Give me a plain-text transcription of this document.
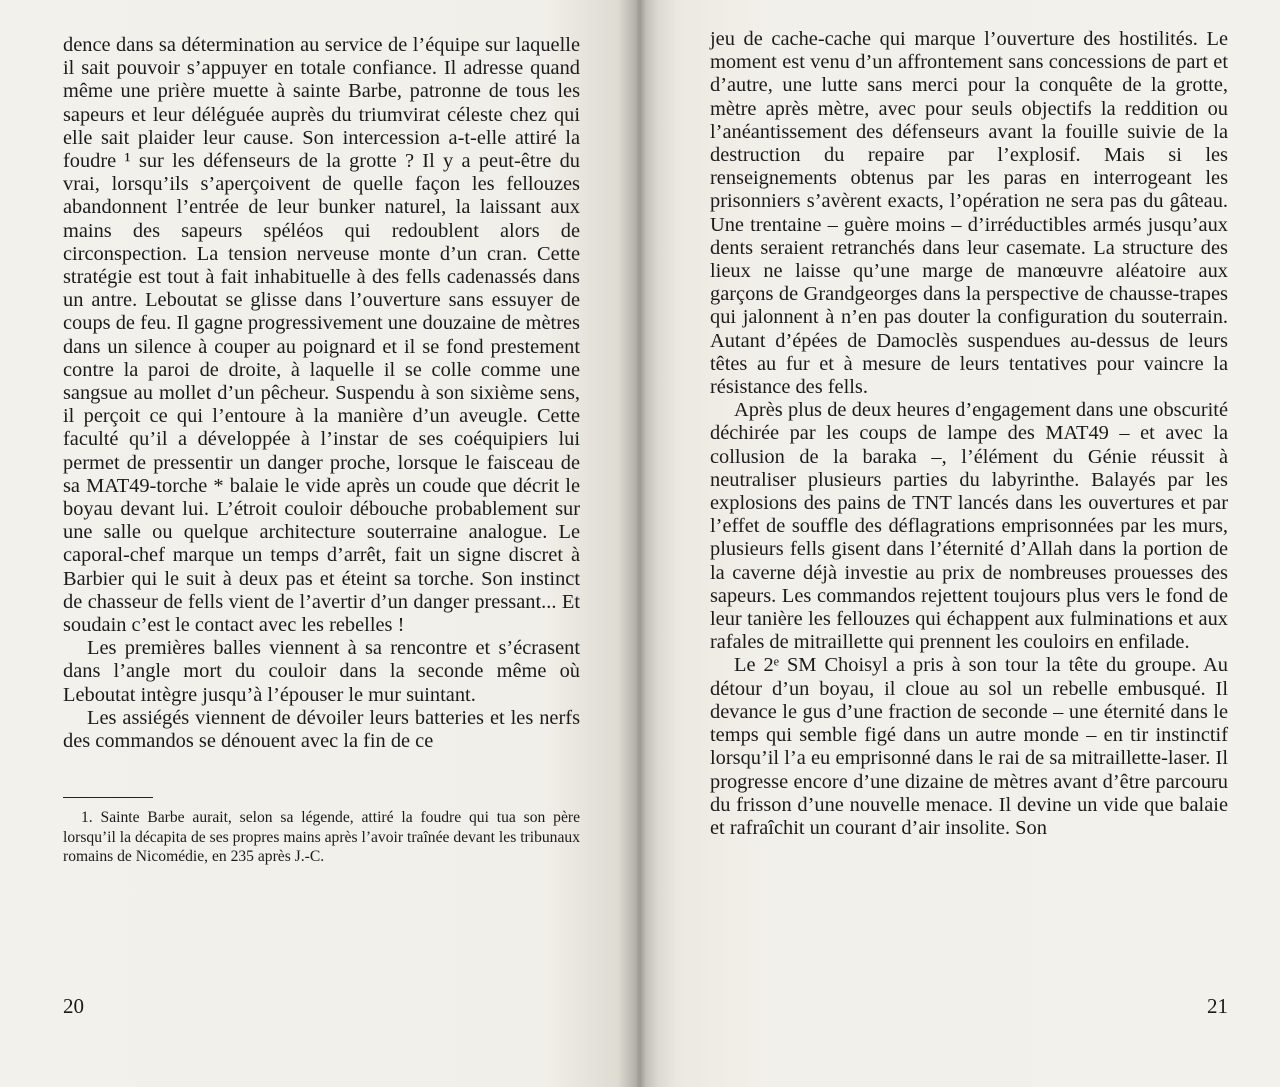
dence dans sa détermination au service de l’équipe sur laquelle il sait pouvoir s’appuyer en totale confiance. Il adresse quand même une prière muette à sainte Barbe, patronne de tous les sapeurs et leur déléguée auprès du triumvirat céleste chez qui elle sait plaider leur cause. Son intercession a-t-elle attiré la foudre ¹ sur les défenseurs de la grotte ? Il y a peut-être du vrai, lorsqu’ils s’aperçoivent de quelle façon les fellouzes abandonnent l’entrée de leur bunker naturel, la laissant aux mains des sapeurs spéléos qui redoublent alors de circonspection. La tension nerveuse monte d’un cran. Cette stratégie est tout à fait inhabituelle à des fells cadenassés dans un antre. Leboutat se glisse dans l’ouverture sans essuyer de coups de feu. Il gagne progressivement une douzaine de mètres dans un silence à couper au poignard et il se fond prestement contre la paroi de droite, à laquelle il se colle comme une sangsue au mollet d’un pêcheur. Suspendu à son sixième sens, il perçoit ce qui l’entoure à la manière d’un aveugle. Cette faculté qu’il a développée à l’instar de ses coéquipiers lui permet de pressentir un danger proche, lorsque le faisceau de sa MAT49-torche * balaie le vide après un coude que décrit le boyau devant lui. L’étroit couloir débouche probablement sur une salle ou quelque architecture souterraine analogue. Le caporal-chef marque un temps d’arrêt, fait un signe discret à Barbier qui le suit à deux pas et éteint sa torche. Son instinct de chasseur de fells vient de l’avertir d’un danger pressant... Et soudain c’est le contact avec les rebelles !

Les premières balles viennent à sa rencontre et s’écrasent dans l’angle mort du couloir dans la seconde même où Leboutat intègre jusqu’à l’épouser le mur suintant.

Les assiégés viennent de dévoiler leurs batteries et les nerfs des commandos se dénouent avec la fin de ce

1. Sainte Barbe aurait, selon sa légende, attiré la foudre qui tua son père lorsqu’il la décapita de ses propres mains après l’avoir traînée devant les tribunaux romains de Nicomédie, en 235 après J.-C.

20

jeu de cache-cache qui marque l’ouverture des hostilités. Le moment est venu d’un affrontement sans concessions de part et d’autre, une lutte sans merci pour la conquête de la grotte, mètre après mètre, avec pour seuls objectifs la reddition ou l’anéantissement des défenseurs avant la fouille suivie de la destruction du repaire par l’explosif. Mais si les renseignements obtenus par les paras en interrogeant les prisonniers s’avèrent exacts, l’opération ne sera pas du gâteau. Une trentaine – guère moins – d’irréductibles armés jusqu’aux dents seraient retranchés dans leur casemate. La structure des lieux ne laisse qu’une marge de manœuvre aléatoire aux garçons de Grandgeorges dans la perspective de chausse-trapes qui jalonnent à n’en pas douter la configuration du souterrain. Autant d’épées de Damoclès suspendues au-dessus de leurs têtes au fur et à mesure de leurs tentatives pour vaincre la résistance des fells.

Après plus de deux heures d’engagement dans une obscurité déchirée par les coups de lampe des MAT49 – et avec la collusion de la baraka –, l’élément du Génie réussit à neutraliser plusieurs parties du labyrinthe. Balayés par les explosions des pains de TNT lancés dans les ouvertures et par l’effet de souffle des déflagrations emprisonnées par les murs, plusieurs fells gisent dans l’éternité d’Allah dans la portion de la caverne déjà investie au prix de nombreuses prouesses des sapeurs. Les commandos rejettent toujours plus vers le fond de leur tanière les fellouzes qui échappent aux fulminations et aux rafales de mitraillette qui prennent les couloirs en enfilade.

Le 2ᵉ SM Choisyl a pris à son tour la tête du groupe. Au détour d’un boyau, il cloue au sol un rebelle embusqué. Il devance le gus d’une fraction de seconde – une éternité dans le temps qui semble figé dans un autre monde – en tir instinctif lorsqu’il l’a eu emprisonné dans le rai de sa mitraillette-laser. Il progresse encore d’une dizaine de mètres avant d’être parcouru du frisson d’une nouvelle menace. Il devine un vide que balaie et rafraîchit un courant d’air insolite. Son

21
